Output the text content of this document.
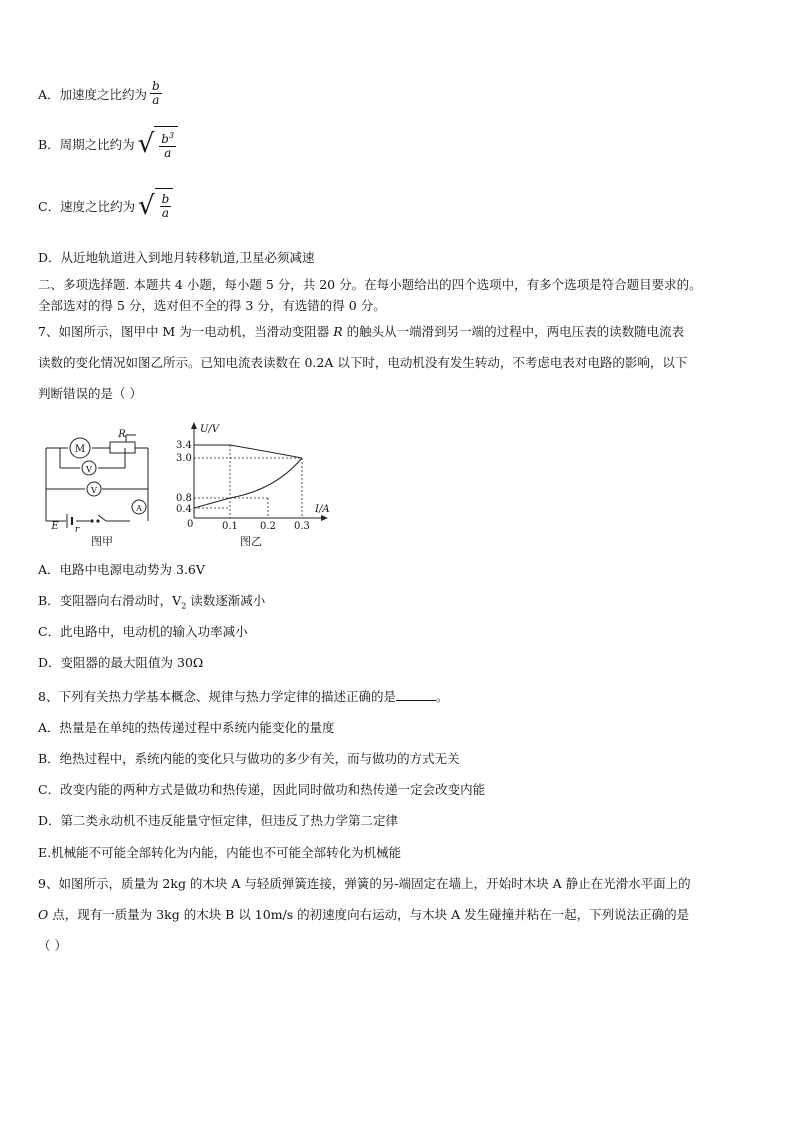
A．加速度之比约为 $\frac{b}{a}$
B．周期之比约为 √ $\frac{b^3}{a}$
C．速度之比约为 √ $\frac{b}{a}$
D．从近地轨道进入到地月转移轨道,卫星必须减速
二、多项选择题. 本题共 4 小题，每小题 5 分，共 20 分。在每小题给出的四个选项中，有多个选项是符合题目要求的。
全部选对的得 5 分，选对但不全的得 3 分，有选错的得 0 分。
7、如图所示，图甲中 M 为一电动机，当滑动变阻器 R 的触头从一端滑到另一端的过程中，两电压表的读数随电流表
读数的变化情况如图乙所示。已知电流表读数在 0.2A 以下时，电动机没有发生转动，不考虑电表对电路的影响，以下
判断错误的是（ ）
M
R
V
V
A
E r
图甲
U/V
I/A
0
3.4
3.0
0.8
0.4
0.1 0.2 0.3
图乙
A．电路中电源电动势为 3.6V
B．变阻器向右滑动时，$V_2$ 读数逐渐减小
C．此电路中，电动机的输入功率减小
D．变阻器的最大阻值为 30Ω
8、下列有关热力学基本概念、规律与热力学定律的描述正确的是	。
A．热量是在单纯的热传递过程中系统内能变化的量度
B．绝热过程中，系统内能的变化只与做功的多少有关，而与做功的方式无关
C．改变内能的两种方式是做功和热传递，因此同时做功和热传递一定会改变内能
D．第二类永动机不违反能量守恒定律，但违反了热力学第二定律
E.机械能不可能全部转化为内能，内能也不可能全部转化为机械能
9、如图所示，质量为 2kg 的木块 A 与轻质弹簧连接，弹簧的另-端固定在墙上，开始时木块 A 静止在光滑水平面上的
O 点，现有一质量为 3kg 的木块 B 以 10m/s 的初速度向右运动，与木块 A 发生碰撞并粘在一起，下列说法正确的是
（ ）
